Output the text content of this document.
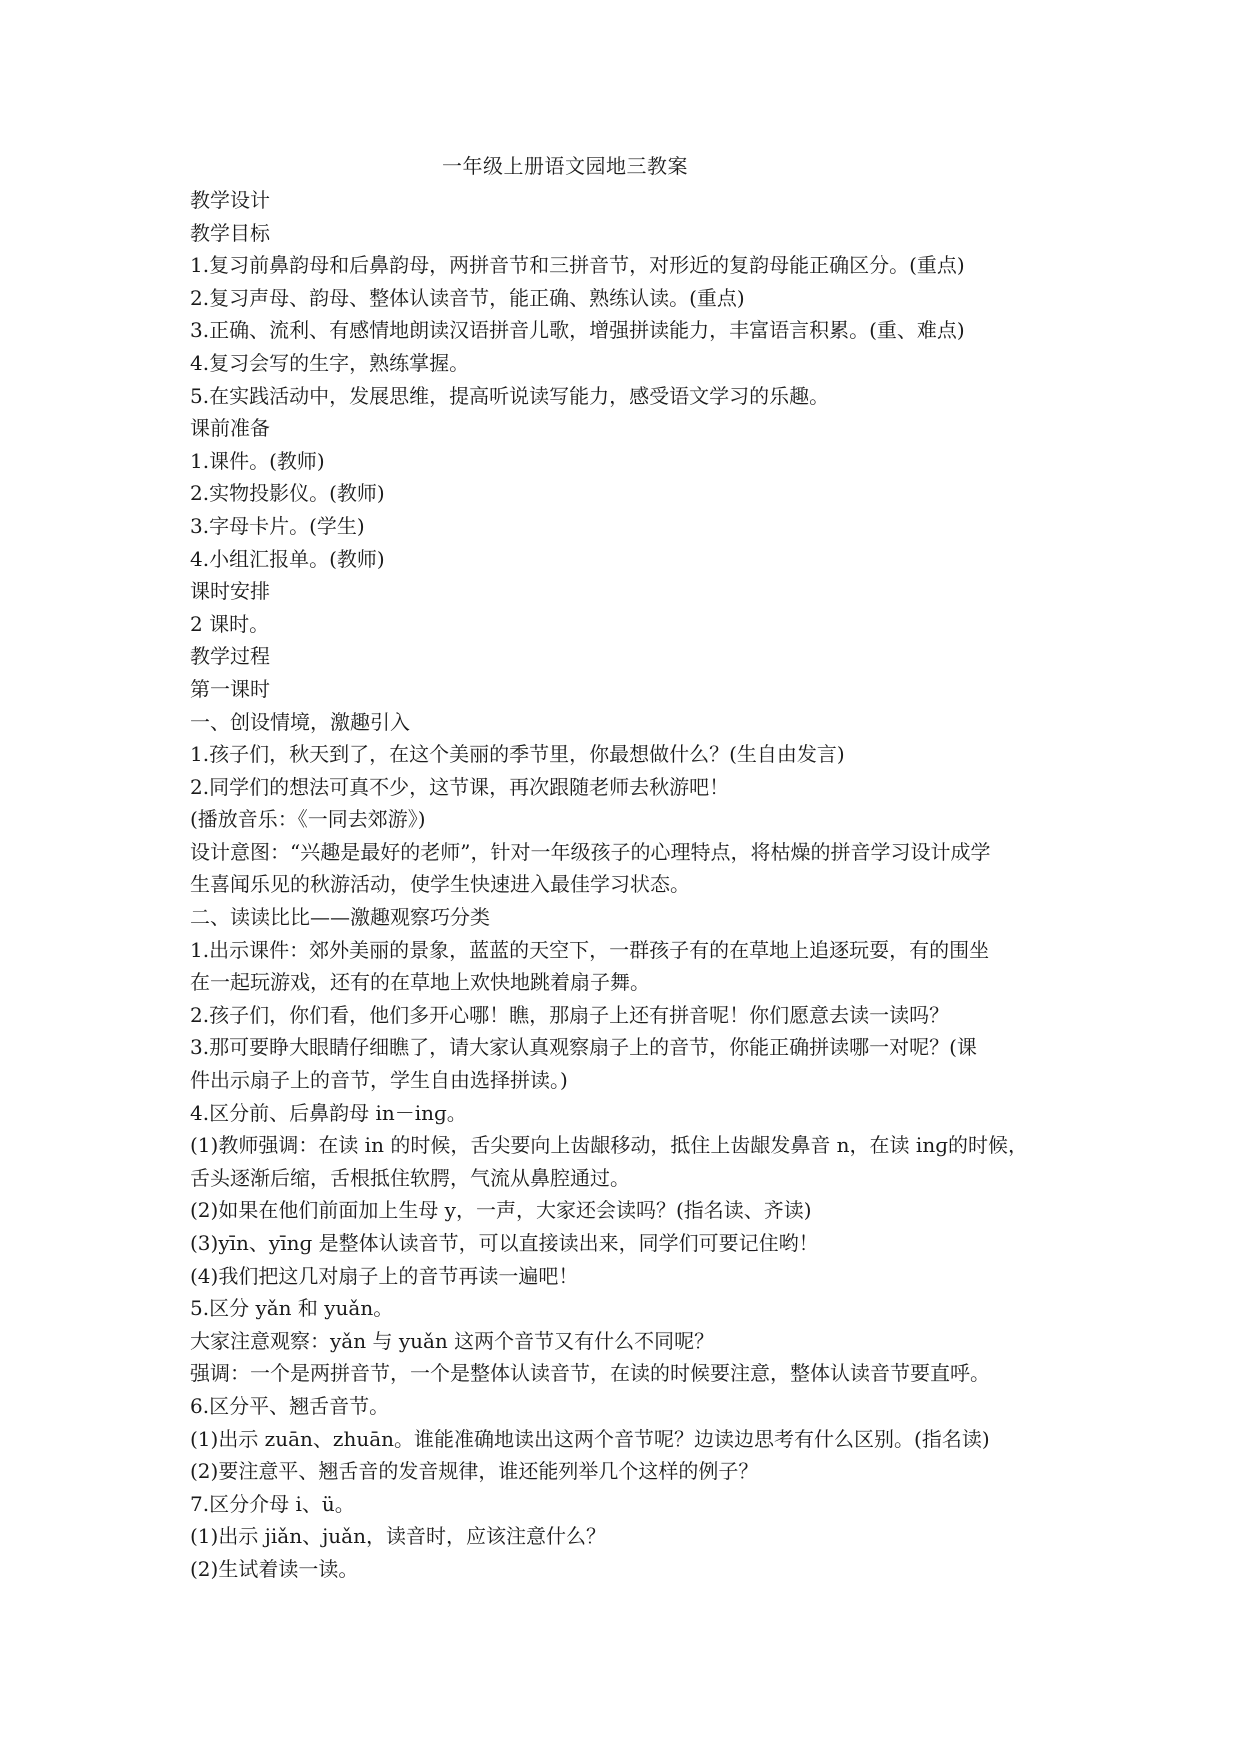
一年级上册语文园地三教案
教学设计
教学目标
1.复习前鼻韵母和后鼻韵母，两拼音节和三拼音节，对形近的复韵母能正确区分。(重点)
2.复习声母、韵母、整体认读音节，能正确、熟练认读。(重点)
3.正确、流利、有感情地朗读汉语拼音儿歌，增强拼读能力，丰富语言积累。(重、难点)
4.复习会写的生字，熟练掌握。
5.在实践活动中，发展思维，提高听说读写能力，感受语文学习的乐趣。
课前准备
1.课件。(教师)
2.实物投影仪。(教师)
3.字母卡片。(学生)
4.小组汇报单。(教师)
课时安排
2 课时。
教学过程
第一课时
一、创设情境，激趣引入
1.孩子们，秋天到了，在这个美丽的季节里，你最想做什么？(生自由发言)
2.同学们的想法可真不少，这节课，再次跟随老师去秋游吧！
(播放音乐：《一同去郊游》)
设计意图：“兴趣是最好的老师”，针对一年级孩子的心理特点，将枯燥的拼音学习设计成学
生喜闻乐见的秋游活动，使学生快速进入最佳学习状态。
二、读读比比——激趣观察巧分类
1.出示课件：郊外美丽的景象，蓝蓝的天空下，一群孩子有的在草地上追逐玩耍，有的围坐
在一起玩游戏，还有的在草地上欢快地跳着扇子舞。
2.孩子们，你们看，他们多开心哪！瞧，那扇子上还有拼音呢！你们愿意去读一读吗？
3.那可要睁大眼睛仔细瞧了，请大家认真观察扇子上的音节，你能正确拼读哪一对呢？(课
件出示扇子上的音节，学生自由选择拼读。)
4.区分前、后鼻韵母 in－inɡ。
(1)教师强调：在读 in 的时候，舌尖要向上齿龈移动，抵住上齿龈发鼻音 n，在读 inɡ的时候，
舌头逐渐后缩，舌根抵住软腭，气流从鼻腔通过。
(2)如果在他们前面加上生母 y，一声，大家还会读吗？(指名读、齐读)
(3)yīn、yīnɡ 是整体认读音节，可以直接读出来，同学们可要记住哟！
(4)我们把这几对扇子上的音节再读一遍吧！
5.区分 yǎn 和 yuǎn。
大家注意观察：yǎn 与 yuǎn 这两个音节又有什么不同呢？
强调：一个是两拼音节，一个是整体认读音节，在读的时候要注意，整体认读音节要直呼。
6.区分平、翘舌音节。
(1)出示 zuān、zhuān。谁能准确地读出这两个音节呢？边读边思考有什么区别。(指名读)
(2)要注意平、翘舌音的发音规律，谁还能列举几个这样的例子？
7.区分介母 i、ü。
(1)出示 jiǎn、juǎn，读音时，应该注意什么？
(2)生试着读一读。
